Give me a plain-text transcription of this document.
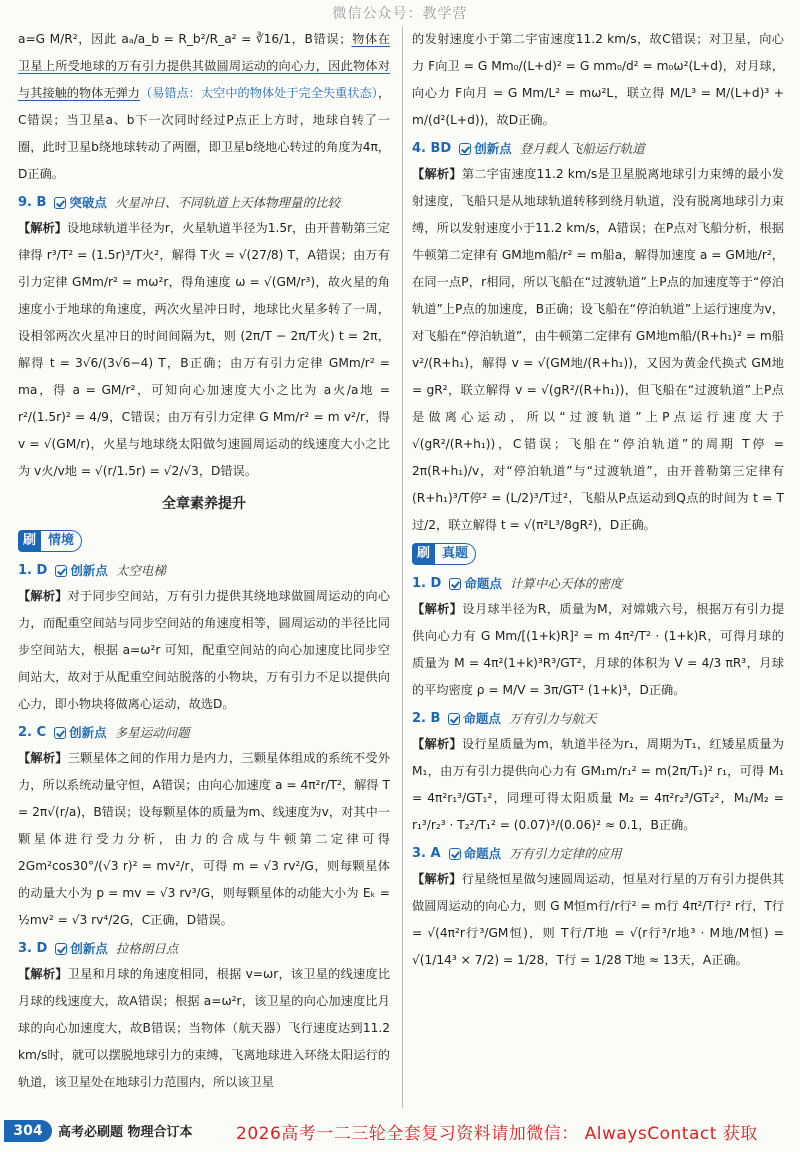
微信公众号：教学营
a=G M/R²，因此 aₐ/a_b = R_b²/R_a² = ∛16/1，B错误；物体在卫星上所受地球的万有引力提供其做圆周运动的向心力，因此物体对与其接触的物体无弹力（易错点：太空中的物体处于完全失重状态），C错误；当卫星a、b下一次同时经过P点正上方时，地球自转了一圈，此时卫星b绕地球转动了两圈，即卫星b绕地心转过的角度为4π，D正确。
9. B 突破点 火星冲日、不同轨道上天体物理量的比较
【解析】设地球轨道半径为r，火星轨道半径为1.5r，由开普勒第三定律得 r³/T² = (1.5r)³/T火²，解得 T火 = √(27/8) T，A错误；由万有引力定律 GMm/r² = mω²r，得角速度 ω = √(GM/r³)，故火星的角速度小于地球的角速度，两次火星冲日时，地球比火星多转了一周，设相邻两次火星冲日的时间间隔为t，则 (2π/T − 2π/T火) t = 2π，解得 t = 3√6/(3√6−4) T，B正确；由万有引力定律 GMm/r² = ma，得 a = GM/r²，可知向心加速度大小之比为 a火/a地 = r²/(1.5r)² = 4/9，C错误；由万有引力定律 G Mm/r² = m v²/r，得 v = √(GM/r)，火星与地球绕太阳做匀速圆周运动的线速度大小之比为 v火/v地 = √(r/1.5r) = √2/√3，D错误。
全章素养提升
刷 情境
1. D 创新点 太空电梯
【解析】对于同步空间站，万有引力提供其绕地球做圆周运动的向心力，而配重空间站与同步空间站的角速度相等，圆周运动的半径比同步空间站大，根据 a=ω²r 可知，配重空间站的向心加速度比同步空间站大，故对于从配重空间站脱落的小物块，万有引力不足以提供向心力，即小物块将做离心运动，故选D。
2. C 创新点 多星运动问题
【解析】三颗星体之间的作用力是内力，三颗星体组成的系统不受外力，所以系统动量守恒，A错误；由向心加速度 a = 4π²r/T²，解得 T = 2π√(r/a)，B错误；设每颗星体的质量为m、线速度为v，对其中一颗星体进行受力分析，由力的合成与牛顿第二定律可得 2Gm²cos30°/(√3 r)² = mv²/r，可得 m = √3 rv²/G，则每颗星体的动量大小为 p = mv = √3 rv³/G，则每颗星体的动能大小为 Eₖ = ½mv² = √3 rv⁴/2G，C正确，D错误。
3. D 创新点 拉格朗日点
【解析】卫星和月球的角速度相同，根据 v=ωr，该卫星的线速度比月球的线速度大，故A错误；根据 a=ω²r，该卫星的向心加速度比月球的向心加速度大，故B错误；当物体（航天器）飞行速度达到11.2 km/s时，就可以摆脱地球引力的束缚，飞离地球进入环绕太阳运行的轨道，该卫星处在地球引力范围内，所以该卫星
的发射速度小于第二宇宙速度11.2 km/s，故C错误；对卫星，向心力 F向卫 = G Mm₀/(L+d)² = G mm₀/d² = m₀ω²(L+d)，对月球，向心力 F向月 = G Mm/L² = mω²L，联立得 M/L³ = M/(L+d)³ + m/(d²(L+d))，故D正确。
4. BD 创新点 登月载人飞船运行轨道
【解析】第二宇宙速度11.2 km/s是卫星脱离地球引力束缚的最小发射速度，飞船只是从地球轨道转移到绕月轨道，没有脱离地球引力束缚，所以发射速度小于11.2 km/s，A错误；在P点对飞船分析，根据牛顿第二定律有 GM地m船/r² = m船a，解得加速度 a = GM地/r²，在同一点P，r相同，所以飞船在“过渡轨道”上P点的加速度等于“停泊轨道”上P点的加速度，B正确；设飞船在“停泊轨道”上运行速度为v，对飞船在“停泊轨道”，由牛顿第二定律有 GM地m船/(R+h₁)² = m船 v²/(R+h₁)，解得 v = √(GM地/(R+h₁))，又因为黄金代换式 GM地 = gR²，联立解得 v = √(gR²/(R+h₁))，但飞船在“过渡轨道”上P点是做离心运动，所以“过渡轨道”上P点运行速度大于 √(gR²/(R+h₁))，C错误；飞船在“停泊轨道”的周期 T停 = 2π(R+h₁)/v，对“停泊轨道”与“过渡轨道”，由开普勒第三定律有 (R+h₁)³/T停² = (L/2)³/T过²，飞船从P点运动到Q点的时间为 t = T过/2，联立解得 t = √(π²L³/8gR²)，D正确。
刷 真题
1. D 命题点 计算中心天体的密度
【解析】设月球半径为R，质量为M，对嫦娥六号，根据万有引力提供向心力有 G Mm/[(1+k)R]² = m 4π²/T² · (1+k)R，可得月球的质量为 M = 4π²(1+k)³R³/GT²，月球的体积为 V = 4/3 πR³，月球的平均密度 ρ = M/V = 3π/GT² (1+k)³，D正确。
2. B 命题点 万有引力与航天
【解析】设行星质量为m，轨道半径为r₁，周期为T₁，红矮星质量为M₁，由万有引力提供向心力有 GM₁m/r₁² = m(2π/T₁)² r₁，可得 M₁ = 4π²r₁³/GT₁²，同理可得太阳质量 M₂ = 4π²r₂³/GT₂²，M₁/M₂ = r₁³/r₂³ · T₂²/T₁² = (0.07)³/(0.06)² ≈ 0.1，B正确。
3. A 命题点 万有引力定律的应用
【解析】行星绕恒星做匀速圆周运动，恒星对行星的万有引力提供其做圆周运动的向心力，则 G M恒m行/r行² = m行 4π²/T行² r行，T行 = √(4π²r行³/GM恒)，则 T行/T地 = √(r行³/r地³ · M地/M恒) = √(1/14³ × 7/2) = 1/28，T行 = 1/28 T地 ≈ 13天，A正确。
304	高考必刷题 物理合订本	2026高考一二三轮全套复习资料请加微信： AlwaysContact 获取
